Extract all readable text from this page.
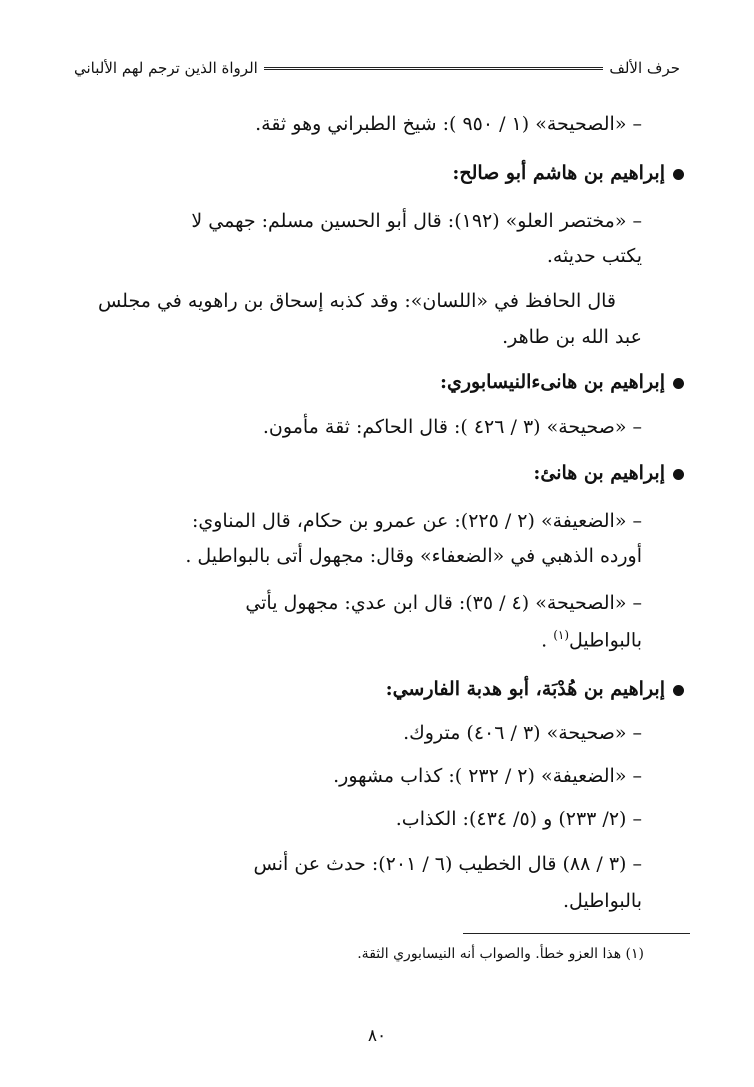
الرواة الذين ترجم لهم الألباني	حرف الألف
– «الصحيحة» (١ / ٩٥٠ ): شيخ الطبراني وهو ثقة.
إبراهيم بن هاشم أبو صالح:
– «مختصر العلو» (١٩٢): قال أبو الحسين مسلم: جهمي لا
يكتب حديثه.
قال الحافظ في «اللسان»: وقد كذبه إسحاق بن راهويه في مجلس
عبد الله بن طاهر.
إبراهيم بن هانىءالنيسابوري:
– «صحيحة» (٣ / ٤٢٦ ): قال الحاكم: ثقة مأمون.
إبراهيم بن هانئ:
– «الضعيفة» (٢ / ٢٢٥): عن عمرو بن حكام، قال المناوي:
أورده الذهبي في «الضعفاء» وقال: مجهول أتى بالبواطيل .
– «الصحيحة» (٤ / ٣٥): قال ابن عدي: مجهول يأتي
بالبواطيل$^{(١)}$ .
إبراهيم بن هُدْبَة، أبو هدبة الفارسي:
– «صحيحة» (٣ / ٤٠٦) متروك.
– «الضعيفة» (٢ / ٢٣٢ ): كذاب مشهور.
– (٢/ ٢٣٣) و (٥/ ٤٣٤): الكذاب.
– (٣ / ٨٨) قال الخطيب (٦ / ٢٠١): حدث عن أنس
بالبواطيل.
(١) هذا العزو خطأ. والصواب أنه النيسابوري الثقة.
٨٠
